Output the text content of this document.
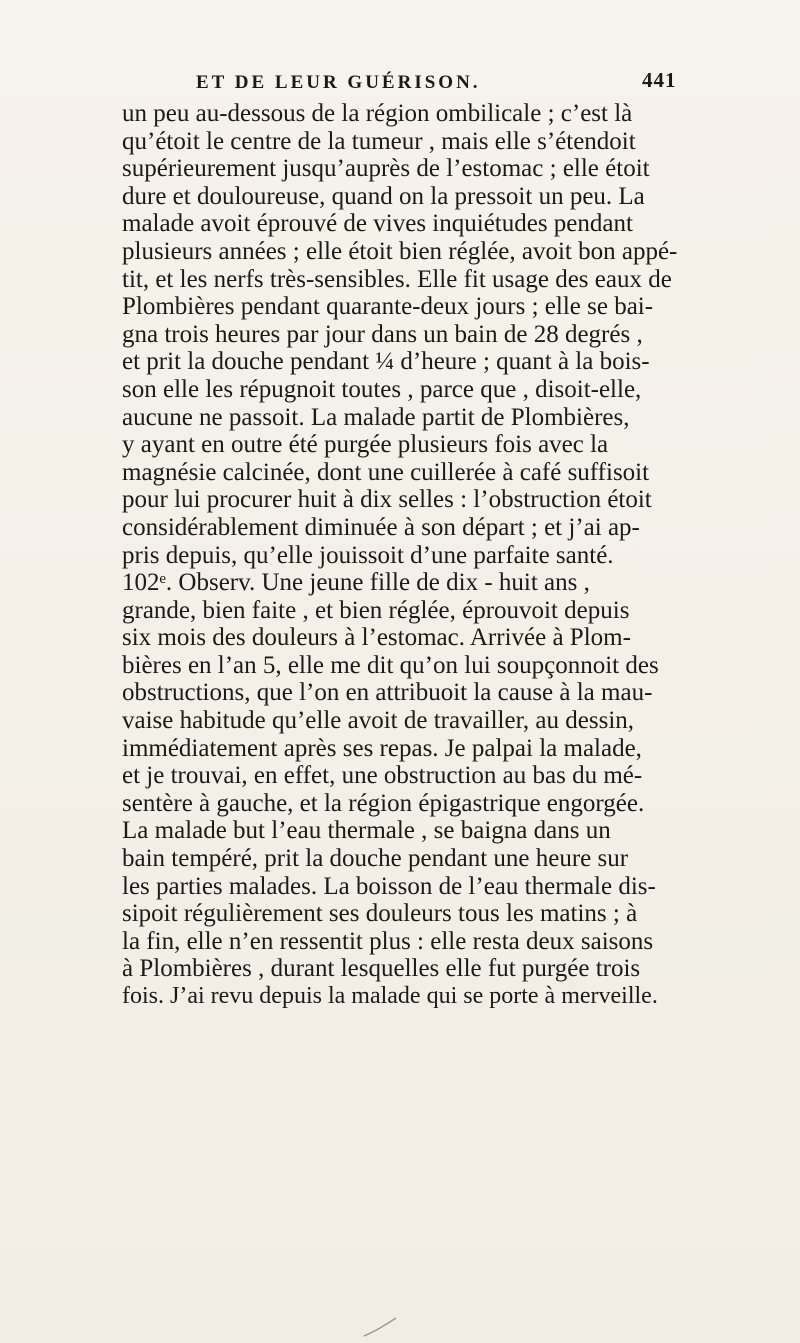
ET DE LEUR GUÉRISON.	441
un peu au-dessous de la région ombilicale ; c’est là
qu’étoit le centre de la tumeur , mais elle s’étendoit
supérieurement jusqu’auprès de l’estomac ; elle étoit
dure et douloureuse, quand on la pressoit un peu. La
malade avoit éprouvé de vives inquiétudes pendant
plusieurs années ; elle étoit bien réglée, avoit bon appé-
tit, et les nerfs très-sensibles. Elle fit usage des eaux de
Plombières pendant quarante-deux jours ; elle se bai-
gna trois heures par jour dans un bain de 28 degrés ,
et prit la douche pendant ¼ d’heure ; quant à la bois-
son elle les répugnoit toutes , parce que , disoit-elle,
aucune ne passoit. La malade partit de Plombières,
y ayant en outre été purgée plusieurs fois avec la
magnésie calcinée, dont une cuillerée à café suffisoit
pour lui procurer huit à dix selles : l’obstruction étoit
considérablement diminuée à son départ ; et j’ai ap-
pris depuis, qu’elle jouissoit d’une parfaite santé.
102ᵉ. Observ. Une jeune fille de dix - huit ans ,
grande, bien faite , et bien réglée, éprouvoit depuis
six mois des douleurs à l’estomac. Arrivée à Plom-
bières en l’an 5, elle me dit qu’on lui soupçonnoit des
obstructions, que l’on en attribuoit la cause à la mau-
vaise habitude qu’elle avoit de travailler, au dessin,
immédiatement après ses repas. Je palpai la malade,
et je trouvai, en effet, une obstruction au bas du mé-
sentère à gauche, et la région épigastrique engorgée.
La malade but l’eau thermale , se baigna dans un
bain tempéré, prit la douche pendant une heure sur
les parties malades. La boisson de l’eau thermale dis-
sipoit régulièrement ses douleurs tous les matins ; à
la fin, elle n’en ressentit plus : elle resta deux saisons
à Plombières , durant lesquelles elle fut purgée trois
fois. J’ai revu depuis la malade qui se porte à merveille.
